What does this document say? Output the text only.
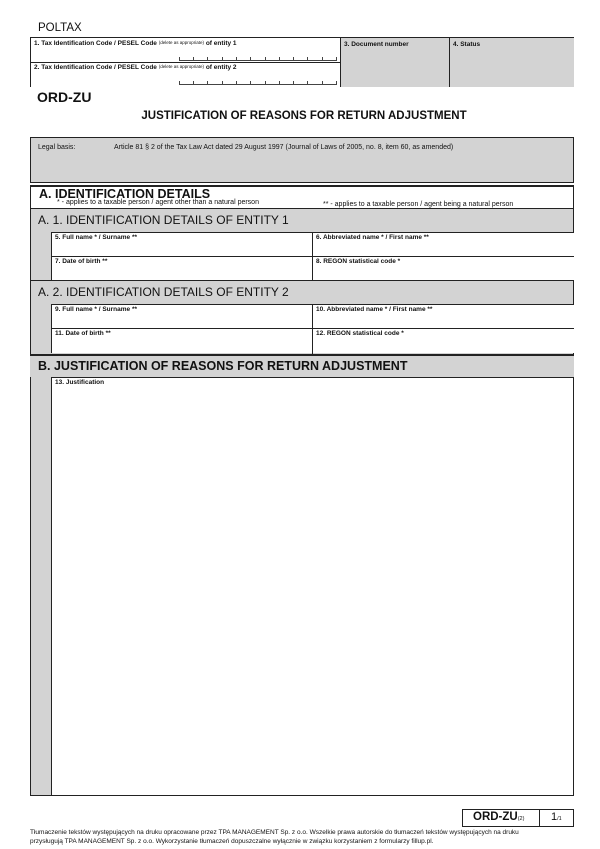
POLTAX
1. Tax Identification Code / PESEL Code $^{(delete as appropriate)}$ of entity 1
2. Tax Identification Code / PESEL Code $^{(delete as appropriate)}$ of entity 2
3. Document number	4. Status
ORD-ZU
JUSTIFICATION OF REASONS FOR RETURN ADJUSTMENT
Legal basis:	Article 81 § 2 of the Tax Law Act dated 29 August 1997 (Journal of Laws of 2005, no. 8, item 60, as amended)
A. IDENTIFICATION DETAILS
* - applies to a taxable person / agent other than a natural person	** - applies to a taxable person / agent being a natural person
A. 1. IDENTIFICATION DETAILS OF ENTITY 1
5. Full name * / Surname **	6. Abbreviated name * / First name **
7. Date of birth **	8. REGON statistical code *
A. 2. IDENTIFICATION DETAILS OF ENTITY 2
9. Full name * / Surname **	10. Abbreviated name * / First name **
11. Date of birth **	12. REGON statistical code *
B. JUSTIFICATION OF REASONS FOR RETURN ADJUSTMENT
13. Justification
ORD-ZU(2) 1/1
Tłumaczenie tekstów występujących na druku opracowane przez TPA MANAGEMENT Sp. z o.o. Wszelkie prawa autorskie do tłumaczeń tekstów występujących na druku
przysługują TPA MANAGEMENT Sp. z o.o. Wykorzystanie tłumaczeń dopuszczalne wyłącznie w związku korzystaniem z formularzy fillup.pl.
